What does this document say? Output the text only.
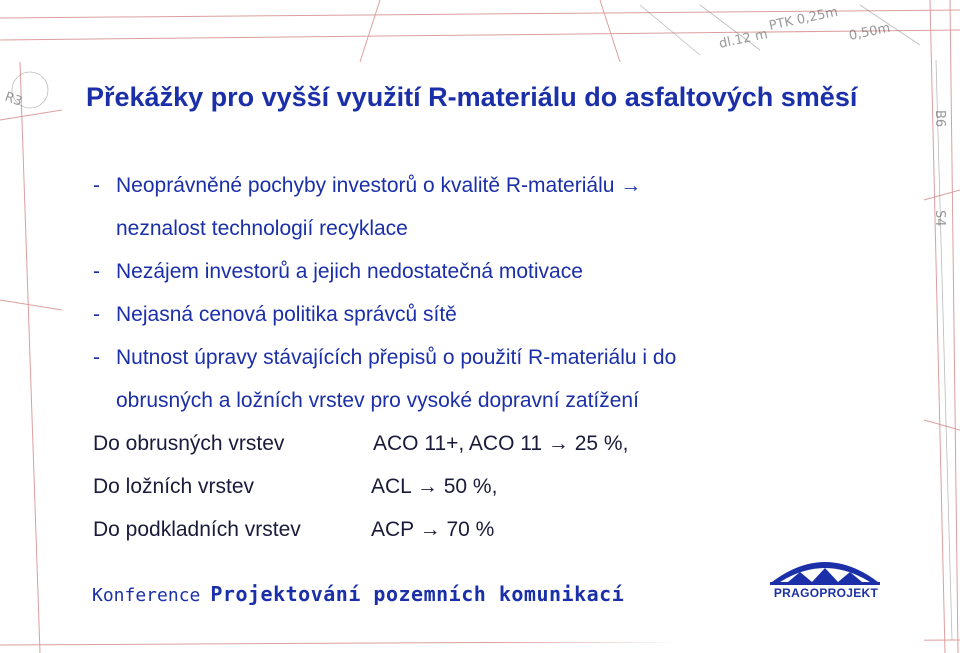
PTK 0,25m
dl.12 m	0,50m
R3
B6
S4
Překážky pro vyšší využití R-materiálu do asfaltových směsí

- Neoprávněné pochyby investorů o kvalitě R-materiálu →

neznalost technologií recyklace

- Nezájem investorů a jejich nedostatečná motivace

- Nejasná cenová politika správců sítě

- Nutnost úpravy stávajících přepisů o použití R-materiálu i do

obrusných a ložních vrstev pro vysoké dopravní zatížení

Do obrusných vrstev	ACO 11+, ACO 11 → 25 %,
Do ložních vrstev	ACL → 50 %,
Do podkladních vrstev	ACP → 70 %
Konference Projektování pozemních komunikací	PRAGOPROJEKT
